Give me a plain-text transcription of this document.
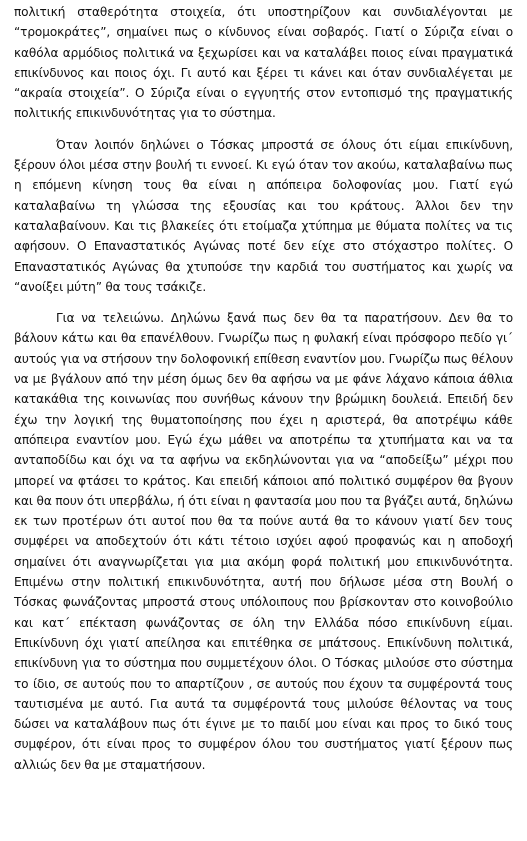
πολιτική σταθερότητα στοιχεία, ότι υποστηρίζουν και συνδιαλέγονται με “τρομοκράτες”, σημαίνει πως ο κίνδυνος είναι σοβαρός. Γιατί ο Σύριζα είναι ο καθόλα αρμόδιος πολιτικά να ξεχωρίσει και να καταλάβει ποιος είναι πραγματικά επικίνδυνος και ποιος όχι. Γι αυτό και ξέρει τι κάνει και όταν συνδιαλέγεται με “ακραία στοιχεία”. Ο Σύριζα είναι ο εγγυητής στον εντοπισμό της πραγματικής πολιτικής επικινδυνότητας για το σύστημα.

Όταν λοιπόν δηλώνει ο Τόσκας μπροστά σε όλους ότι είμαι επικίνδυνη, ξέρουν όλοι μέσα στην βουλή τι εννοεί. Κι εγώ όταν τον ακούω, καταλαβαίνω πως η επόμενη κίνηση τους θα είναι η απόπειρα δολοφονίας μου. Γιατί εγώ καταλαβαίνω τη γλώσσα της εξουσίας και του κράτους. Άλλοι δεν την καταλαβαίνουν. Και τις βλακείες ότι ετοίμαζα χτύπημα με θύματα πολίτες να τις αφήσουν. Ο Επαναστατικός Αγώνας ποτέ δεν είχε στο στόχαστρο πολίτες. Ο Επαναστατικός Αγώνας θα χτυπούσε την καρδιά του συστήματος και χωρίς να “ανοίξει μύτη” θα τους τσάκιζε.

Για να τελειώνω. Δηλώνω ξανά πως δεν θα τα παρατήσουν. Δεν θα το βάλουν κάτω και θα επανέλθουν. Γνωρίζω πως η φυλακή είναι πρόσφορο πεδίο γι΄ αυτούς για να στήσουν την δολοφονική επίθεση εναντίον μου. Γνωρίζω πως θέλουν να με βγάλουν από την μέση όμως δεν θα αφήσω να με φάνε λάχανο κάποια άθλια κατακάθια της κοινωνίας που συνήθως κάνουν την βρώμικη δουλειά. Επειδή δεν έχω την λογική της θυματοποίησης που έχει η αριστερά, θα αποτρέψω κάθε απόπειρα εναντίον μου. Εγώ έχω μάθει να αποτρέπω τα χτυπήματα και να τα ανταποδίδω και όχι να τα αφήνω να εκδηλώνονται για να “αποδείξω” μέχρι που μπορεί να φτάσει το κράτος. Και επειδή κάποιοι από πολιτικό συμφέρον θα βγουν και θα πουν ότι υπερβάλω, ή ότι είναι η φαντασία μου που τα βγάζει αυτά, δηλώνω εκ των προτέρων ότι αυτοί που θα τα πούνε αυτά θα το κάνουν γιατί δεν τους συμφέρει να αποδεχτούν ότι κάτι τέτοιο ισχύει αφού προφανώς και η αποδοχή σημαίνει ότι αναγνωρίζεται για μια ακόμη φορά πολιτική μου επικινδυνότητα. Επιμένω στην πολιτική επικινδυνότητα, αυτή που δήλωσε μέσα στη Βουλή ο Τόσκας φωνάζοντας μπροστά στους υπόλοιπους που βρίσκονταν στο κοινοβούλιο και κατ΄ επέκταση φωνάζοντας σε όλη την Ελλάδα πόσο επικίνδυνη είμαι. Επικίνδυνη όχι γιατί απείλησα και επιτέθηκα σε μπάτσους. Επικίνδυνη πολιτικά, επικίνδυνη για το σύστημα που συμμετέχουν όλοι. Ο Τόσκας μιλούσε στο σύστημα το ίδιο, σε αυτούς που το απαρτίζουν , σε αυτούς που έχουν τα συμφέροντά τους ταυτισμένα με αυτό. Για αυτά τα συμφέροντά τους μιλούσε θέλοντας να τους δώσει να καταλάβουν πως ότι έγινε με το παιδί μου είναι και προς το δικό τους συμφέρον, ότι είναι προς το συμφέρον όλου του συστήματος γιατί ξέρουν πως αλλιώς δεν θα με σταματήσουν.
